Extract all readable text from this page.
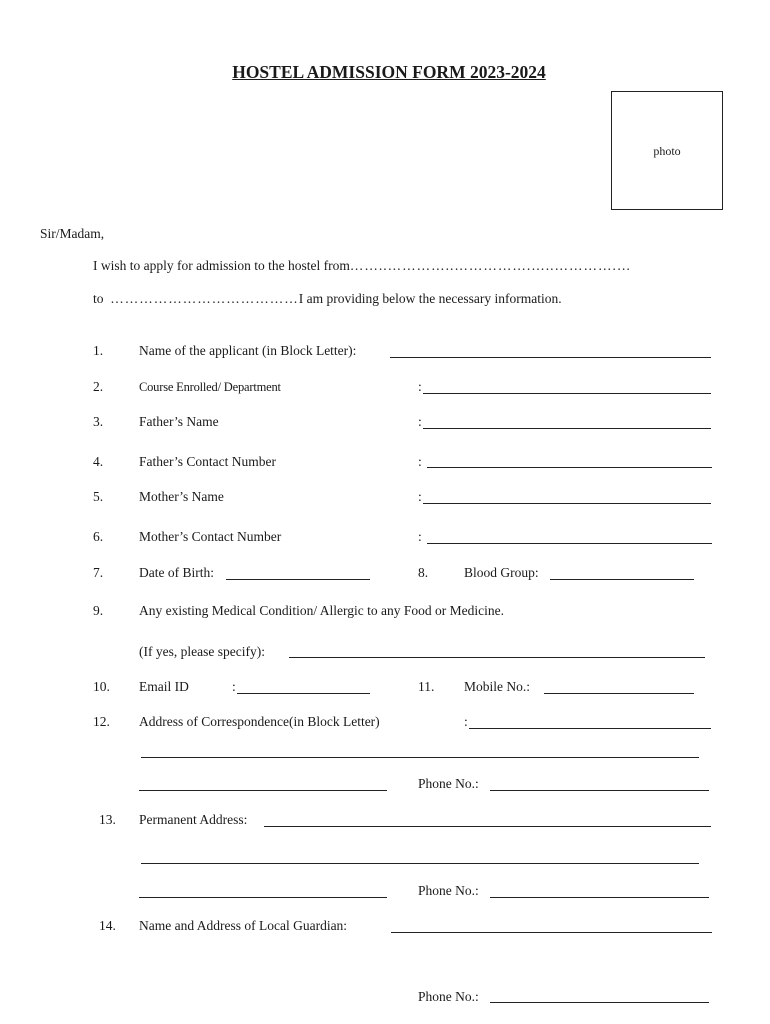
HOSTEL ADMISSION FORM 2023-2024
photo
Sir/Madam,
I wish to apply for admission to the hostel from……..…………..…………….…..………….…
to …………………………………I am providing below the necessary information.
1.	Name of the applicant (in Block Letter):
2.	Course Enrolled/ Department	:
3.	Father’s Name	:
4.	Father’s Contact Number	:
5.	Mother’s Name	:
6.	Mother’s Contact Number	:
7.	Date of Birth:	8.	Blood Group:
9.	Any existing Medical Condition/ Allergic to any Food or Medicine.
(If yes, please specify):
10. Email ID	:	11. Mobile No.:
12. Address of Correspondence(in Block Letter)	:
Phone No.:
13. Permanent Address:
Phone No.:
14. Name and Address of Local Guardian:
Phone No.:
